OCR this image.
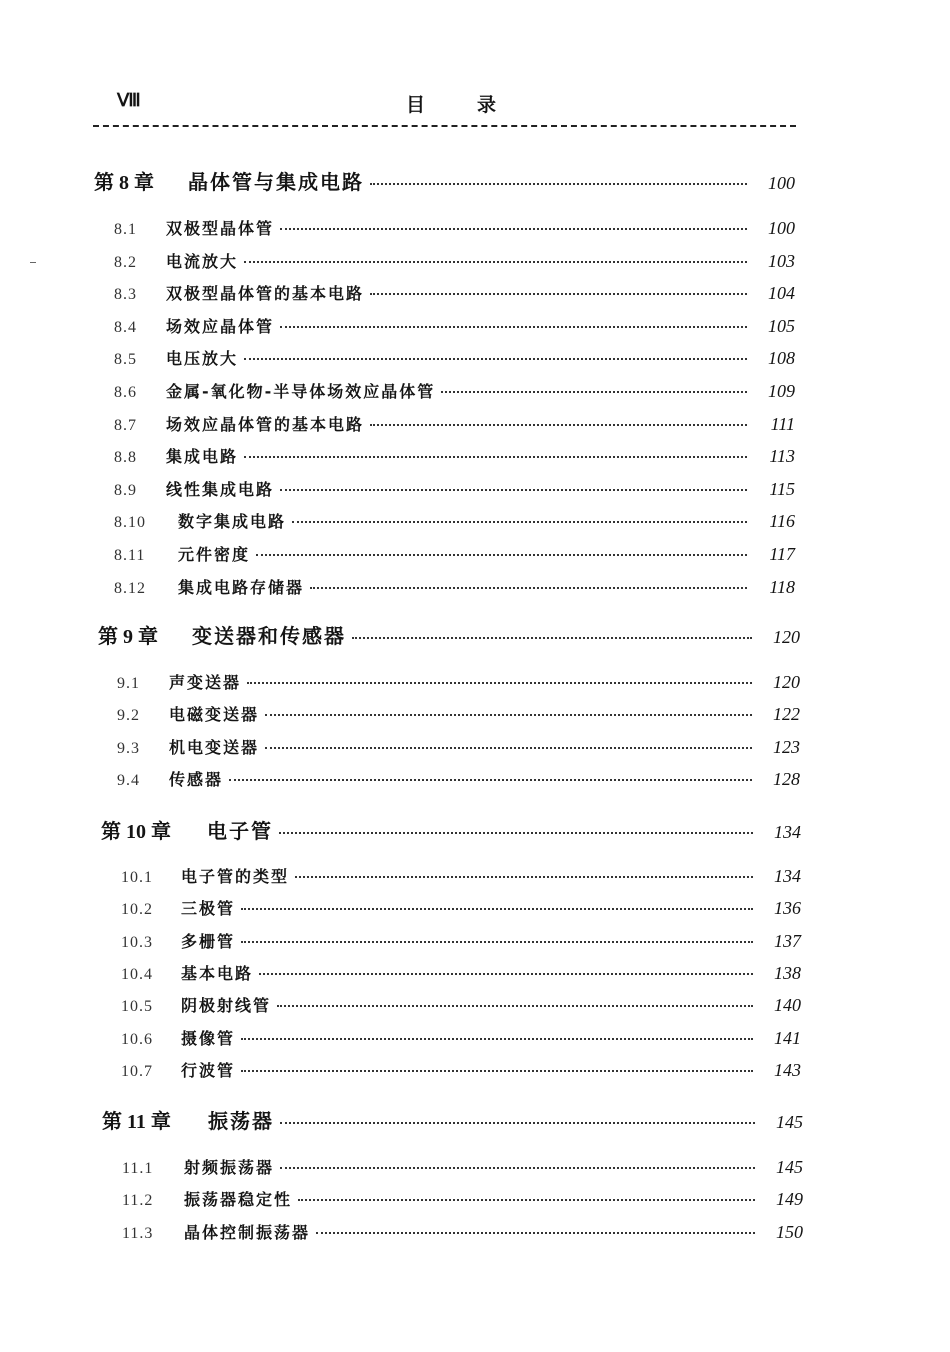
Ⅷ	目录
第 8 章	晶体管与集成电路	100
8.1	双极型晶体管	100
8.2	电流放大	103
8.3	双极型晶体管的基本电路	104
8.4	场效应晶体管	105
8.5	电压放大	108
8.6	金属-氧化物-半导体场效应晶体管	109
8.7	场效应晶体管的基本电路	111
8.8	集成电路	113
8.9	线性集成电路	115
8.10	数字集成电路	116
8.11	元件密度	117
8.12	集成电路存储器	118
第 9 章	变送器和传感器	120
9.1	声变送器	120
9.2	电磁变送器	122
9.3	机电变送器	123
9.4	传感器	128
第 10 章	电子管	134
10.1	电子管的类型	134
10.2	三极管	136
10.3	多栅管	137
10.4	基本电路	138
10.5	阴极射线管	140
10.6	摄像管	141
10.7	行波管	143
第 11 章	振荡器	145
11.1	射频振荡器	145
11.2	振荡器稳定性	149
11.3	晶体控制振荡器	150
